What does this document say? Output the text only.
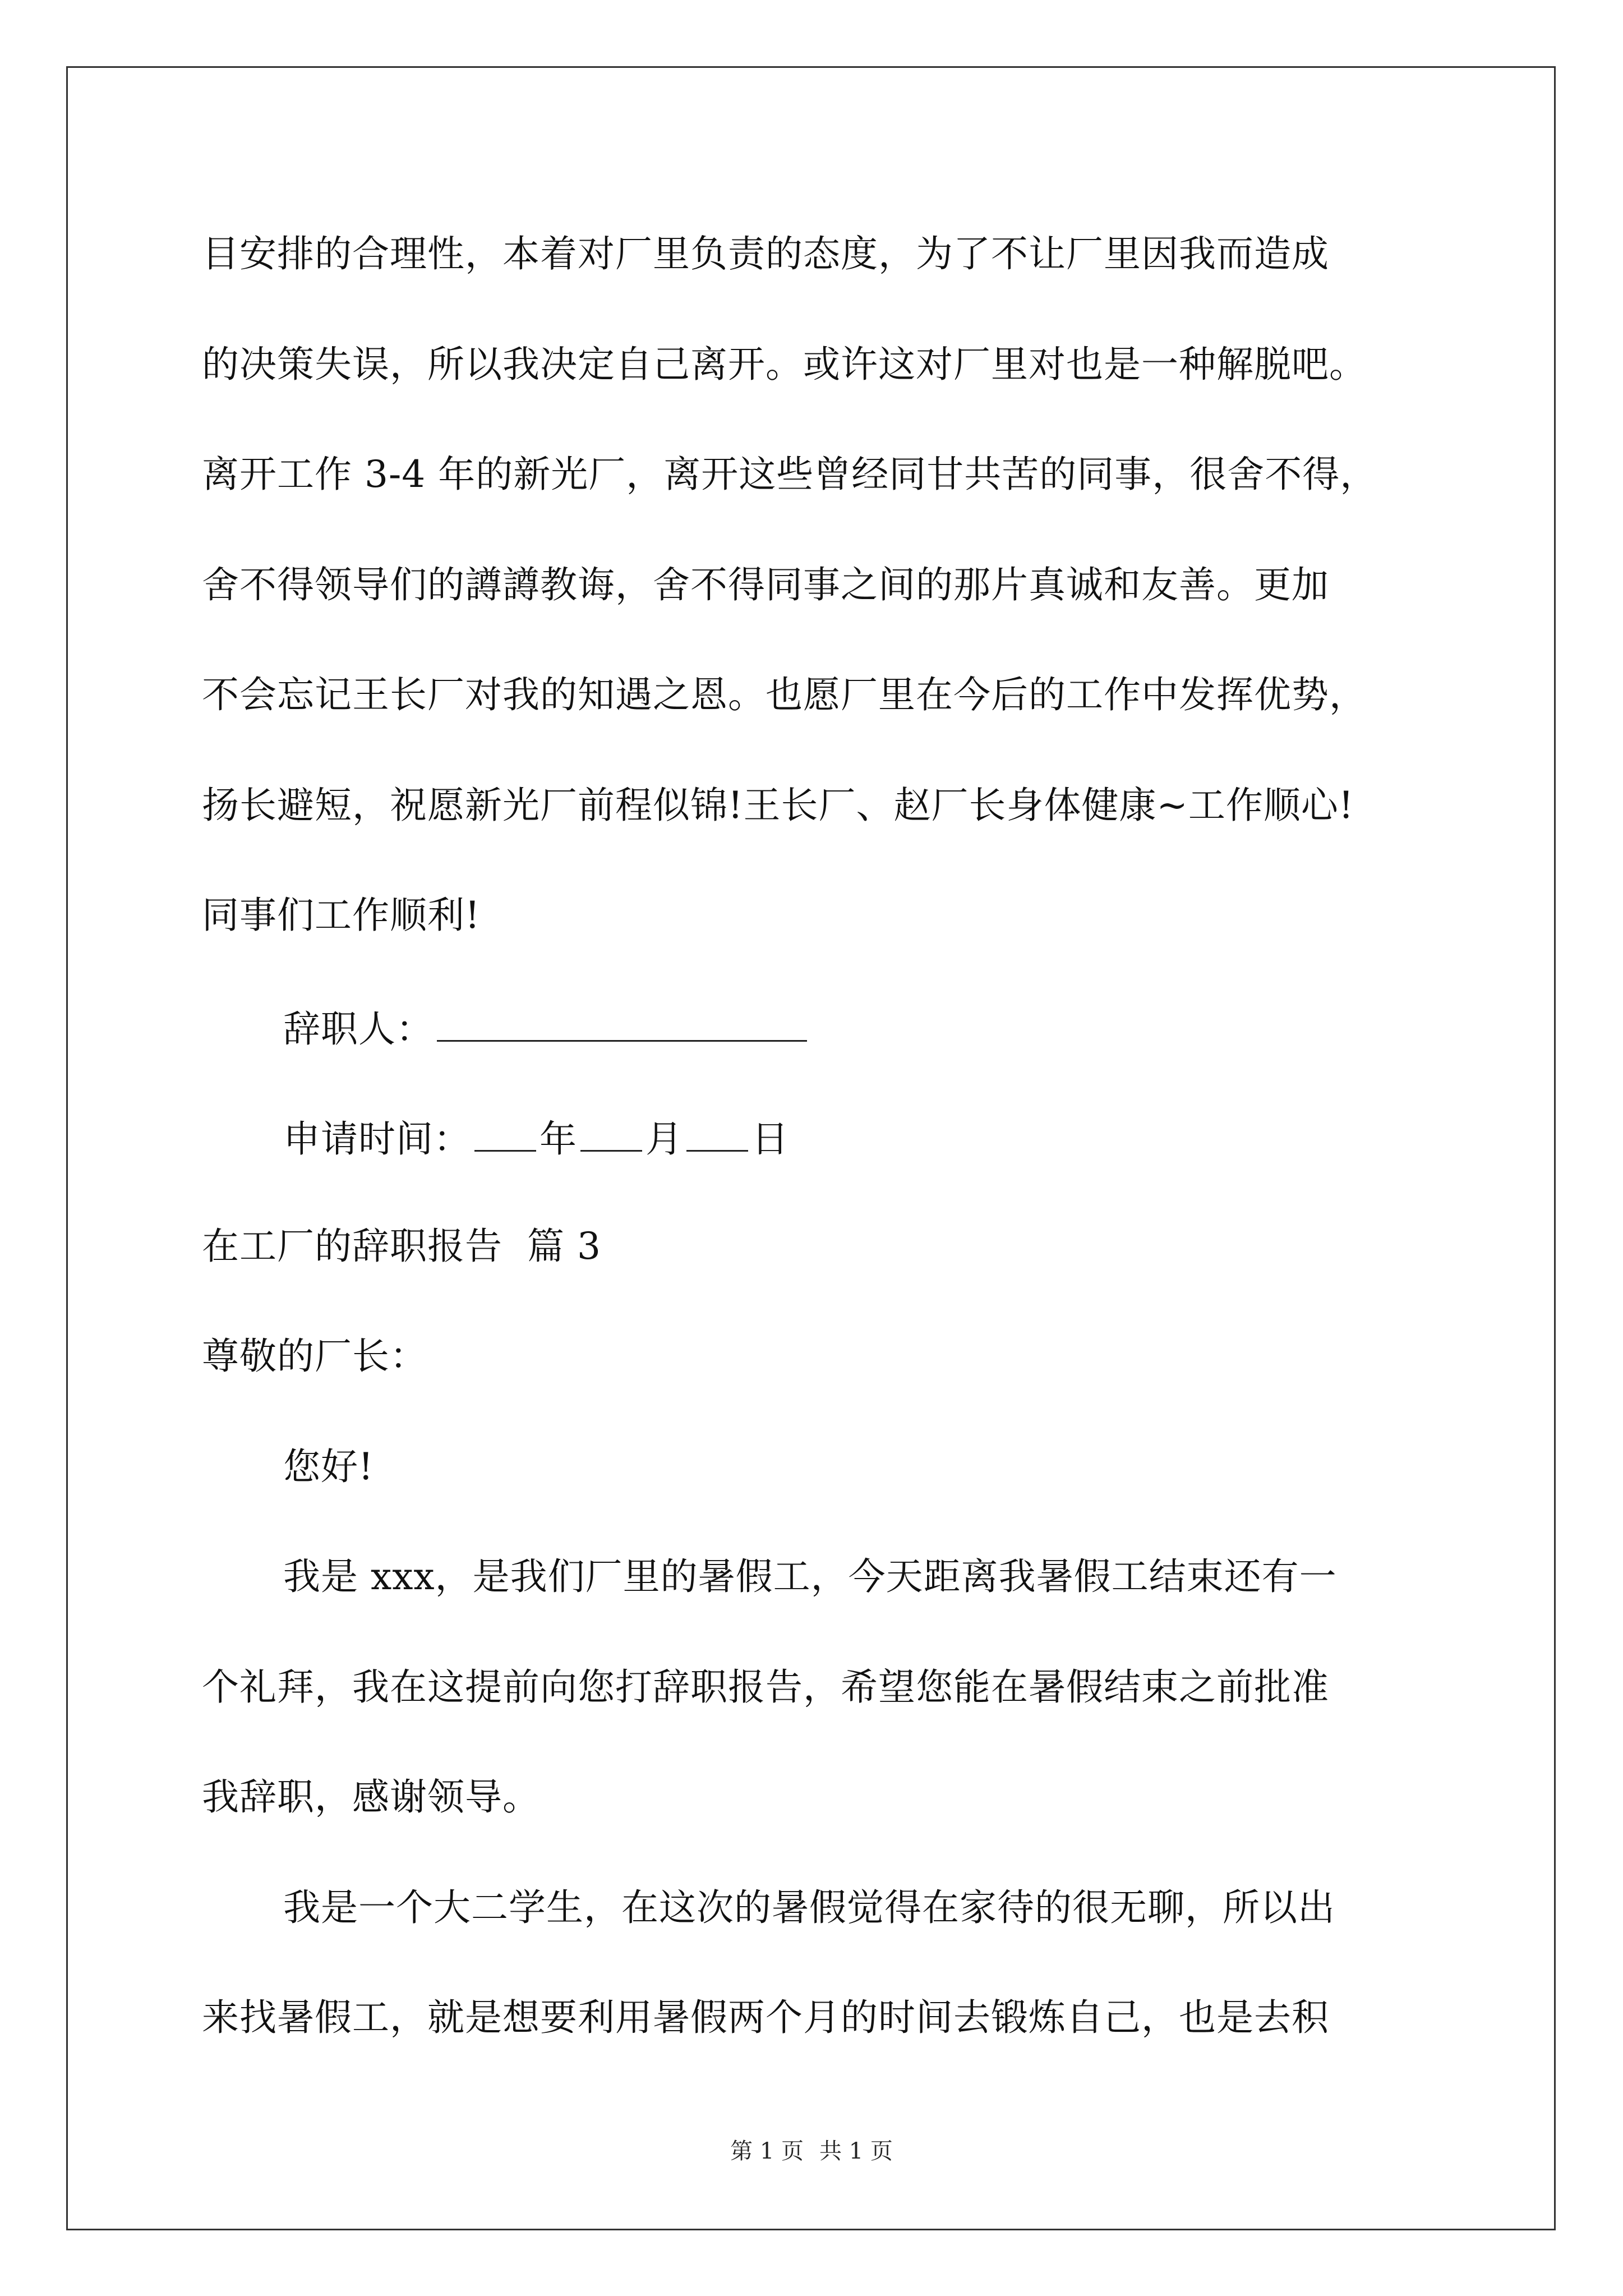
目安排的合理性，本着对厂里负责的态度，为了不让厂里因我而造成
的决策失误，所以我决定自己离开。或许这对厂里对也是一种解脱吧。
离开工作 3-4 年的新光厂，离开这些曾经同甘共苦的同事，很舍不得，
舍不得领导们的譐譐教诲，舍不得同事之间的那片真诚和友善。更加
不会忘记王长厂对我的知遇之恩。也愿厂里在今后的工作中发挥优势，
扬长避短，祝愿新光厂前程似锦!王长厂、赵厂长身体健康~工作顺心!
同事们工作顺利!
辞职人：
申请时间： 年 月 日
在工厂的辞职报告  篇 3
尊敬的厂长：
您好!
我是 xxx，是我们厂里的暑假工，今天距离我暑假工结束还有一
个礼拜，我在这提前向您打辞职报告，希望您能在暑假结束之前批准
我辞职，感谢领导。
我是一个大二学生，在这次的暑假觉得在家待的很无聊，所以出
来找暑假工，就是想要利用暑假两个月的时间去锻炼自己，也是去积
第 1 页 共 1 页
